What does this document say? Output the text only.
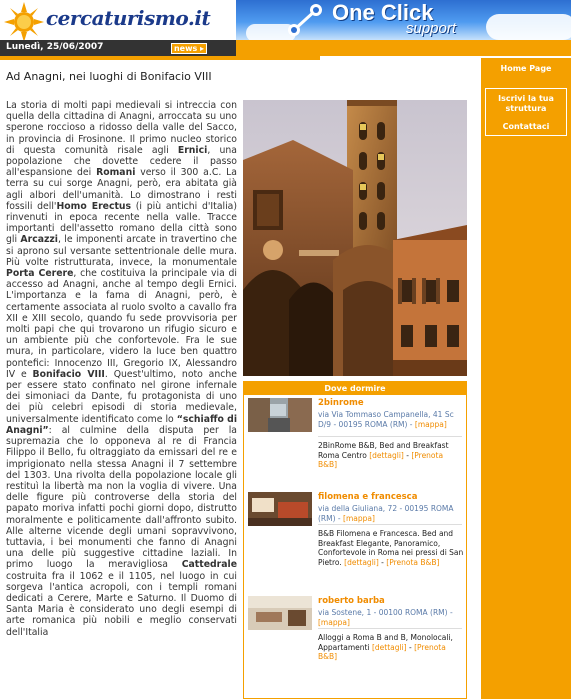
cercaturismo.it	One Click
support
Lunedì, 25/06/2007	news ▸
Home Page
Iscrivi la tua struttura
Contattaci
Ad Anagni, nei luoghi di Bonifacio VIII
La storia di molti papi medievali si intreccia con quella della cittadina di Anagni, arroccata su uno sperone roccioso a ridosso della valle del Sacco, in provincia di Frosinone. Il primo nucleo storico di questa comunità risale agli Ernici, una popolazione che dovette cedere il passo all'espansione dei Romani verso il 300 a.C. La terra su cui sorge Anagni, però, era abitata già agli albori dell'umanità. Lo dimostrano i resti fossili dell'Homo Erectus (i più antichi d'Italia) rinvenuti in epoca recente nella valle. Tracce importanti dell'assetto romano della città sono gli Arcazzi, le imponenti arcate in travertino che si aprono sul versante settentrionale delle mura. Più volte ristrutturata, invece, la monumentale Porta Cerere, che costituiva la principale via di accesso ad Anagni, anche al tempo degli Ernici. L'importanza e la fama di Anagni, però, è certamente associata al ruolo svolto a cavallo fra XII e XIII secolo, quando fu sede provvisoria per molti papi che qui trovarono un rifugio sicuro e un ambiente più che confortevole. Fra le sue mura, in particolare, videro la luce ben quattro pontefici: Innocenzo III, Gregorio IX, Alessandro IV e Bonifacio VIII. Quest'ultimo, noto anche per essere stato confinato nel girone infernale dei simoniaci da Dante, fu protagonista di uno dei più celebri episodi di storia medievale, universalmente identificato come lo “schiaffo di Anagni”: al culmine della disputa per la supremazia che lo opponeva al re di Francia Filippo il Bello, fu oltraggiato da emissari del re e imprigionato nella stessa Anagni il 7 settembre del 1303. Una rivolta della popolazione locale gli restituì la libertà ma non la voglia di vivere. Una delle figure più controverse della storia del papato moriva infatti pochi giorni dopo, distrutto moralmente e politicamente dall'affronto subito. Alle alterne vicende degli umani sopravvivono, tuttavia, i bei monumenti che fanno di Anagni una delle più suggestive cittadine laziali. In primo luogo la meravigliosa Cattedrale costruita fra il 1062 e il 1105, nel luogo in cui sorgeva l'antica acropoli, con i templi romani dedicati a Cerere, Marte e Saturno. Il Duomo di Santa Maria è considerato uno degli esempi di arte romanica più nobili e meglio conservati dell'Italia
Dove dormire
2binrome
via Via Tommaso Campanella, 41 Sc D/9 - 00195 ROMA (RM) - [mappa]
2BinRome B&B, Bed and Breakfast Roma Centro [dettagli] - [Prenota B&B]
filomena e francesca
via della Giuliana, 72 - 00195 ROMA (RM) - [mappa]
B&B Filomena e Francesca. Bed and Breakfast Elegante, Panoramico, Confortevole in Roma nei pressi di San Pietro. [dettagli] - [Prenota B&B]
roberto barba
via Sostene, 1 - 00100 ROMA (RM) - [mappa]
Alloggi a Roma B and B, Monolocali, Appartamenti [dettagli] - [Prenota B&B]
